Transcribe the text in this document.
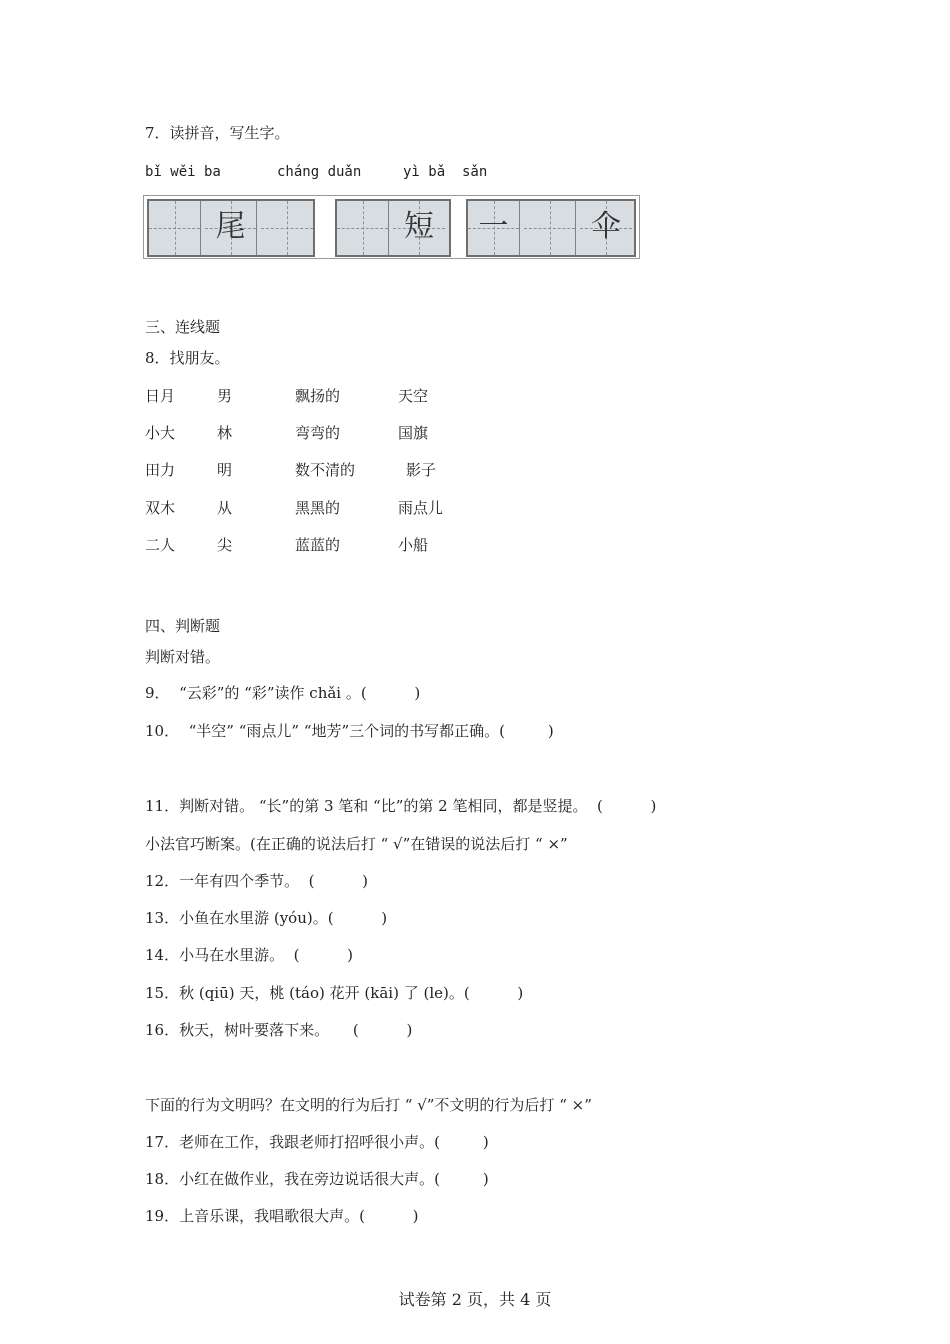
7．读拼音，写生字。
bǐ wěi ba	cháng duǎn	yì bǎ  sǎn
尾	短	一	伞
三、连线题
8．找朋友。
日月	男	飘扬的	天空
小大	林	弯弯的	国旗
田力	明	数不清的	影子
双木	从	黑黑的	雨点儿
二人	尖	蓝蓝的	小船
四、判断题
判断对错。
9．  “云彩”的 “彩”读作 chǎi 。(          )
10．  “半空” “雨点儿” “地芳”三个词的书写都正确。(         )
11．判断对错。 “长”的第 3 笔和 “比”的第 2 笔相同，都是竖提。  (          )
小法官巧断案。(在正确的说法后打 “ √”在错误的说法后打 “ ×”
12．一年有四个季节。  (          )
13．小鱼在水里游 (yóu)。(          )
14．小马在水里游。  (          )
15．秋 (qiū) 天，桃 (táo) 花开 (kāi) 了 (le)。(          )
16．秋天，树叶要落下来。     (          )
下面的行为文明吗？在文明的行为后打 “ √”不文明的行为后打 “ ×”
17．老师在工作，我跟老师打招呼很小声。(         )
18．小红在做作业，我在旁边说话很大声。(         )
19．上音乐课，我唱歌很大声。(          )
试卷第 2 页，共 4 页
